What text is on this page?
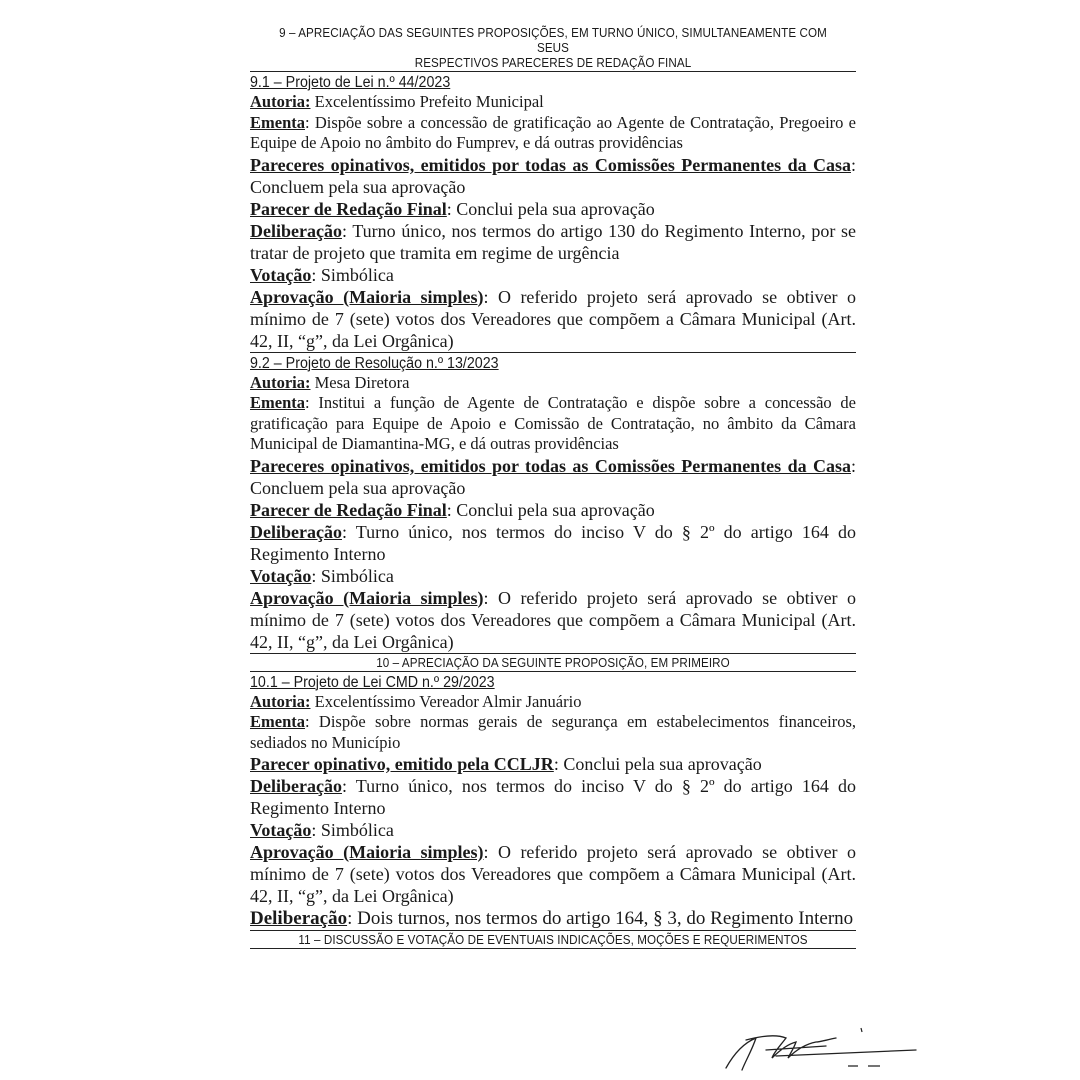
9 – APRECIAÇÃO DAS SEGUINTES PROPOSIÇÕES, EM TURNO ÚNICO, SIMULTANEAMENTE COM SEUS
RESPECTIVOS PARECERES DE REDAÇÃO FINAL
9.1 – Projeto de Lei n.º 44/2023

Autoria: Excelentíssimo Prefeito Municipal

Ementa: Dispõe sobre a concessão de gratificação ao Agente de Contratação, Pregoeiro e Equipe de Apoio no âmbito do Fumprev, e dá outras providências

Pareceres opinativos, emitidos por todas as Comissões Permanentes da Casa: Concluem pela sua aprovação

Parecer de Redação Final: Conclui pela sua aprovação

Deliberação: Turno único, nos termos do artigo 130 do Regimento Interno, por se tratar de projeto que tramita em regime de urgência

Votação: Simbólica

Aprovação (Maioria simples): O referido projeto será aprovado se obtiver o mínimo de 7 (sete) votos dos Vereadores que compõem a Câmara Municipal (Art. 42, II, “g”, da Lei Orgânica)

9.2 – Projeto de Resolução n.º 13/2023

Autoria: Mesa Diretora

Ementa: Institui a função de Agente de Contratação e dispõe sobre a concessão de gratificação para Equipe de Apoio e Comissão de Contratação, no âmbito da Câmara Municipal de Diamantina-MG, e dá outras providências

Pareceres opinativos, emitidos por todas as Comissões Permanentes da Casa: Concluem pela sua aprovação

Parecer de Redação Final: Conclui pela sua aprovação

Deliberação: Turno único, nos termos do inciso V do § 2º do artigo 164 do Regimento Interno

Votação: Simbólica

Aprovação (Maioria simples): O referido projeto será aprovado se obtiver o mínimo de 7 (sete) votos dos Vereadores que compõem a Câmara Municipal (Art. 42, II, “g”, da Lei Orgânica)

10 – APRECIAÇÃO DA SEGUINTE PROPOSIÇÃO, EM PRIMEIRO
10.1 – Projeto de Lei CMD n.º 29/2023

Autoria: Excelentíssimo Vereador Almir Januário

Ementa: Dispõe sobre normas gerais de segurança em estabelecimentos financeiros, sediados no Município

Parecer opinativo, emitido pela CCLJR: Conclui pela sua aprovação

Deliberação: Turno único, nos termos do inciso V do § 2º do artigo 164 do Regimento Interno

Votação: Simbólica

Aprovação (Maioria simples): O referido projeto será aprovado se obtiver o mínimo de 7 (sete) votos dos Vereadores que compõem a Câmara Municipal (Art. 42, II, “g”, da Lei Orgânica)

Deliberação: Dois turnos, nos termos do artigo 164, § 3, do Regimento Interno

11 – DISCUSSÃO E VOTAÇÃO DE EVENTUAIS INDICAÇÕES, MOÇÕES E REQUERIMENTOS
